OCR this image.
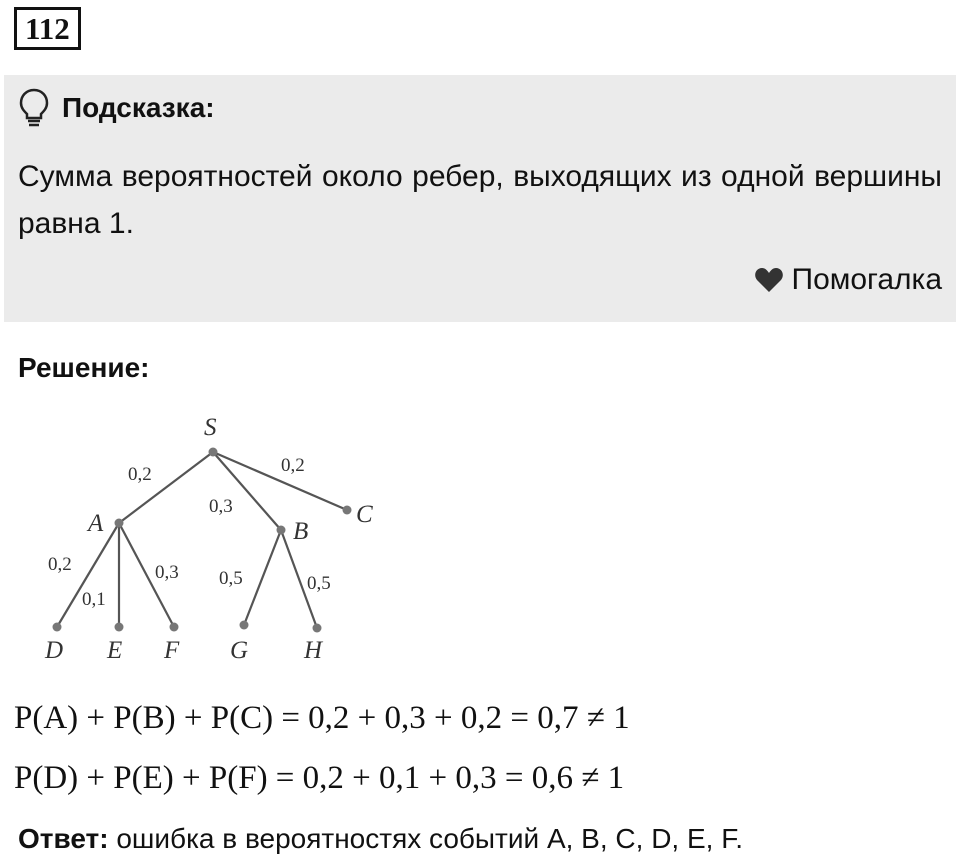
112
Подсказка:
Сумма вероятностей около ребер, выходящих из одной вершины равна 1.
Помогалка
Решение:
S
A	B
C
D E F G H
0,2
0,3
0,2
0,2
0,1
0,3 0,5	0,5
P(A) + P(B) + P(C) = 0,2 + 0,3 + 0,2 = 0,7 ≠ 1
P(D) + P(E) + P(F) = 0,2 + 0,1 + 0,3 = 0,6 ≠ 1
Ответ: ошибка в вероятностях событий A, B, C, D, E, F.
